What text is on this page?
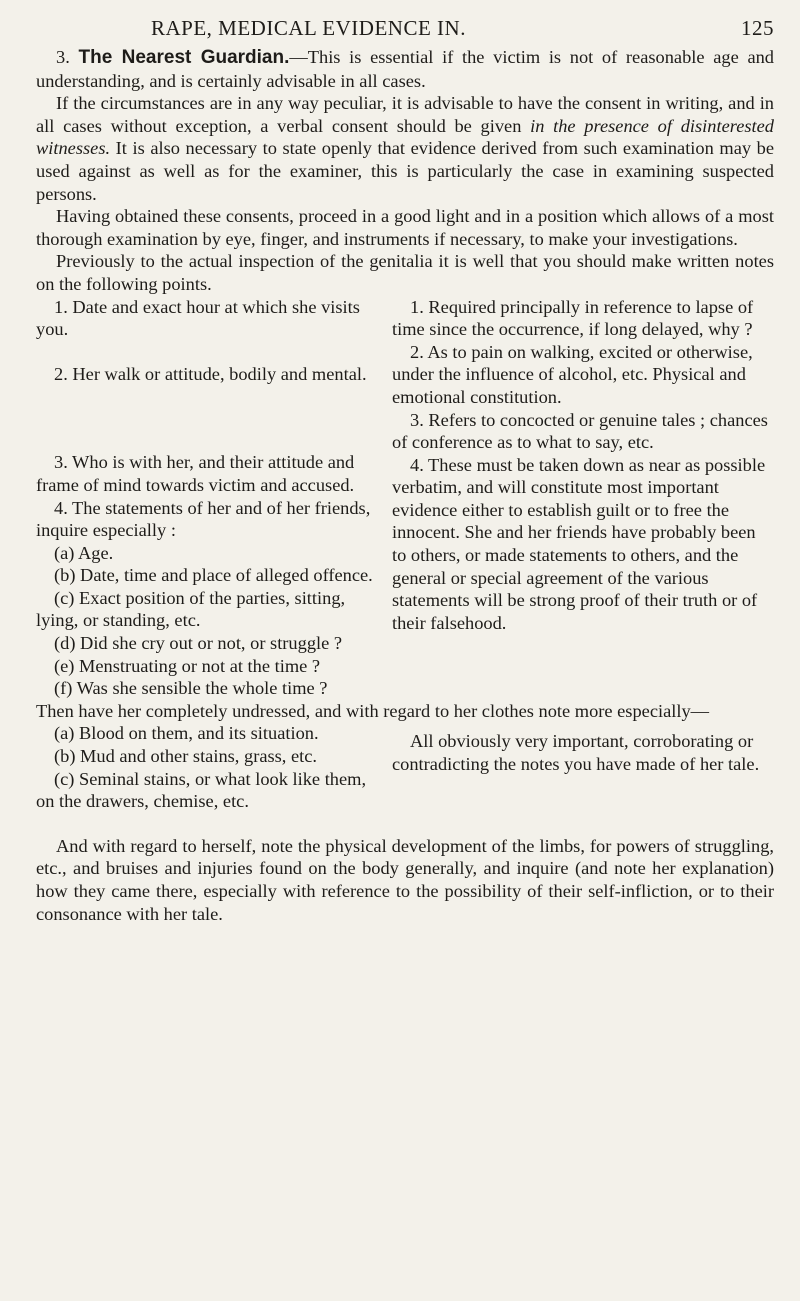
RAPE, MEDICAL EVIDENCE IN.	125

3. The Nearest Guardian.—This is essential if the victim is not of reasonable age and understanding, and is certainly advisable in all cases.

If the circumstances are in any way peculiar, it is advisable to have the consent in writing, and in all cases without exception, a verbal consent should be given in the presence of disinterested witnesses. It is also necessary to state openly that evidence derived from such examination may be used against as well as for the examiner, this is particularly the case in examining suspected persons.

Having obtained these consents, proceed in a good light and in a position which allows of a most thorough examination by eye, finger, and instruments if necessary, to make your investigations.

Previously to the actual inspection of the genitalia it is well that you should make written notes on the following points.

1. Date and exact hour at which she visits you.

2. Her walk or attitude, bodily and mental.

3. Who is with her, and their attitude and frame of mind towards victim and accused.

4. The statements of her and of her friends, inquire especially :

(a) Age.

(b) Date, time and place of alleged offence.

(c) Exact position of the parties, sitting, lying, or standing, etc.

(d) Did she cry out or not, or struggle ?

(e) Menstruating or not at the time ?

(f) Was she sensible the whole time ?

1. Required principally in reference to lapse of time since the occurrence, if long delayed, why ?

2. As to pain on walking, excited or otherwise, under the influence of alcohol, etc. Physical and emotional constitution.

3. Refers to concocted or genuine tales ; chances of conference as to what to say, etc.

4. These must be taken down as near as possible verbatim, and will constitute most important evidence either to establish guilt or to free the innocent. She and her friends have probably been to others, or made statements to others, and the general or special agreement of the various statements will be strong proof of their truth or of their falsehood.

Then have her completely undressed, and with regard to her clothes note more especially—

(a) Blood on them, and its situation.

(b) Mud and other stains, grass, etc.

(c) Seminal stains, or what look like them, on the drawers, chemise, etc.

All obviously very important, corroborating or contradicting the notes you have made of her tale.

And with regard to herself, note the physical development of the limbs, for powers of struggling, etc., and bruises and injuries found on the body generally, and inquire (and note her explanation) how they came there, especially with reference to the possibility of their self-infliction, or to their consonance with her tale.
